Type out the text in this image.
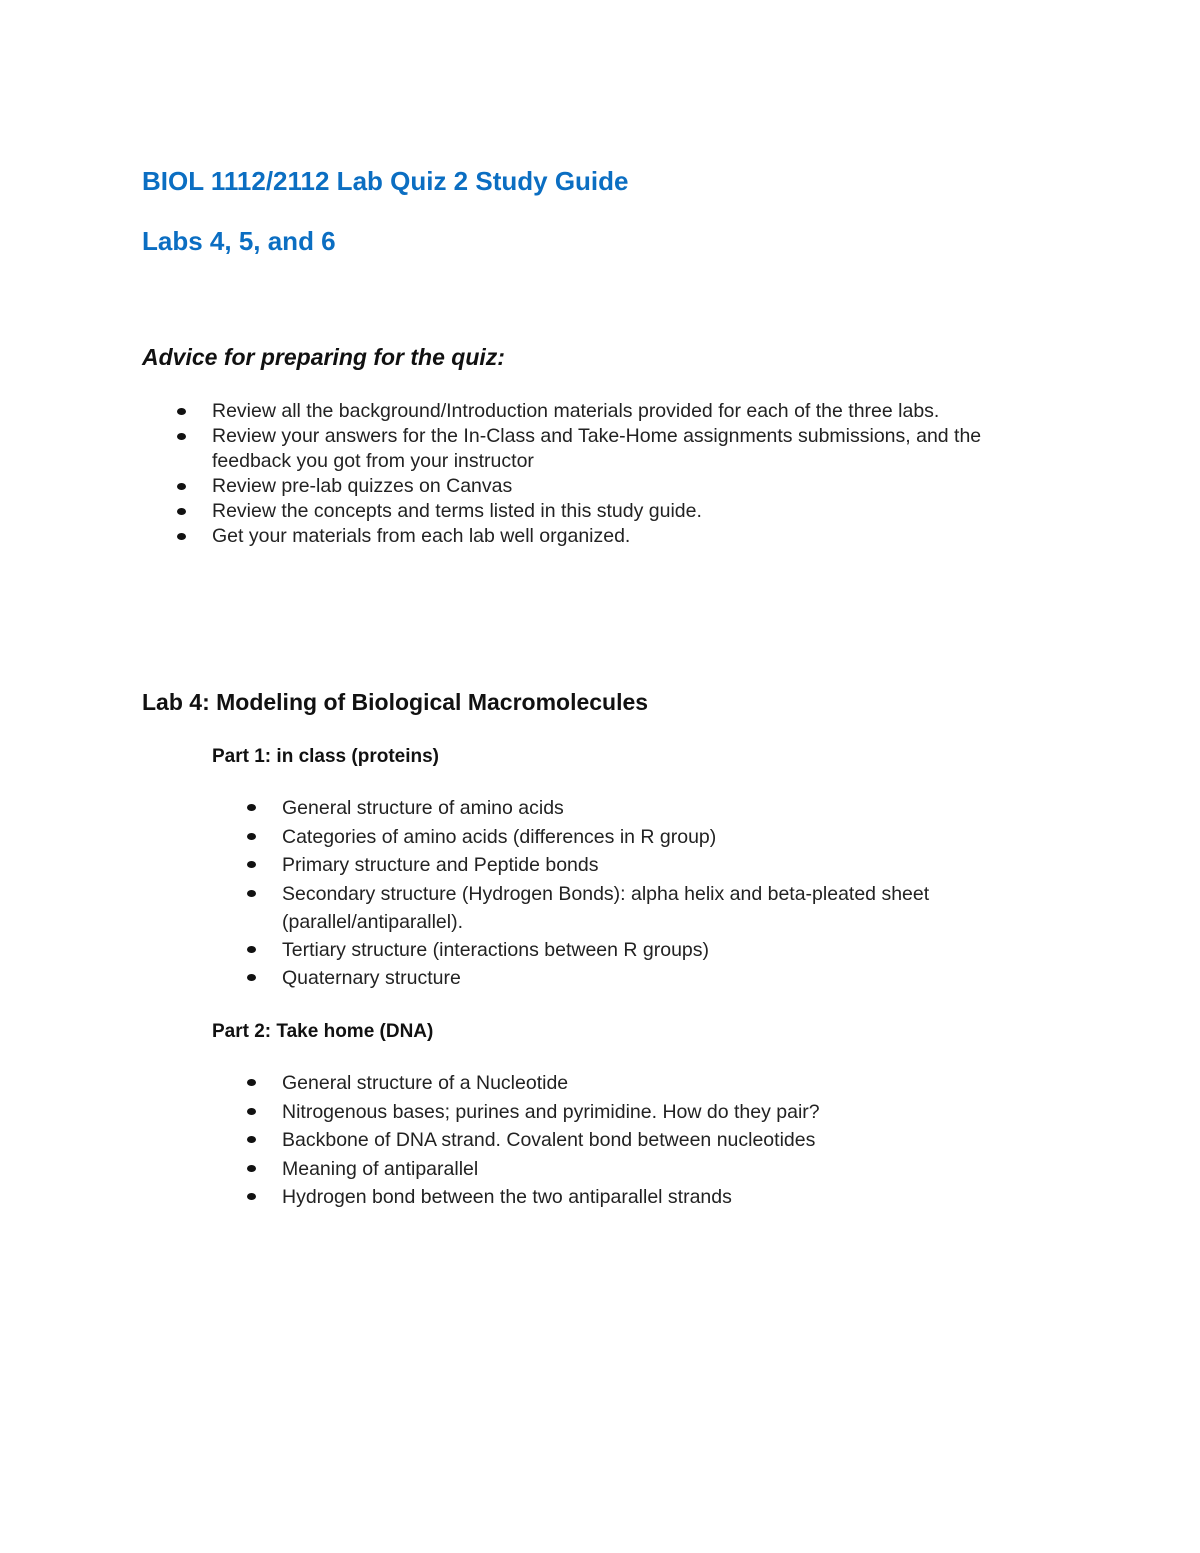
BIOL 1112/2112 Lab Quiz 2 Study Guide
Labs 4, 5, and 6
Advice for preparing for the quiz:
Review all the background/Introduction materials provided for each of the three labs.
Review your answers for the In-Class and Take-Home assignments submissions, and the feedback you got from your instructor
Review pre-lab quizzes on Canvas
Review the concepts and terms listed in this study guide.
Get your materials from each lab well organized.
Lab 4: Modeling of Biological Macromolecules
Part 1: in class (proteins)
General structure of amino acids
Categories of amino acids (differences in R group)
Primary structure and Peptide bonds
Secondary structure (Hydrogen Bonds): alpha helix and beta-pleated sheet (parallel/antiparallel).
Tertiary structure (interactions between R groups)
Quaternary structure
Part 2: Take home (DNA)
General structure of a Nucleotide
Nitrogenous bases; purines and pyrimidine. How do they pair?
Backbone of DNA strand. Covalent bond between nucleotides
Meaning of antiparallel
Hydrogen bond between the two antiparallel strands
